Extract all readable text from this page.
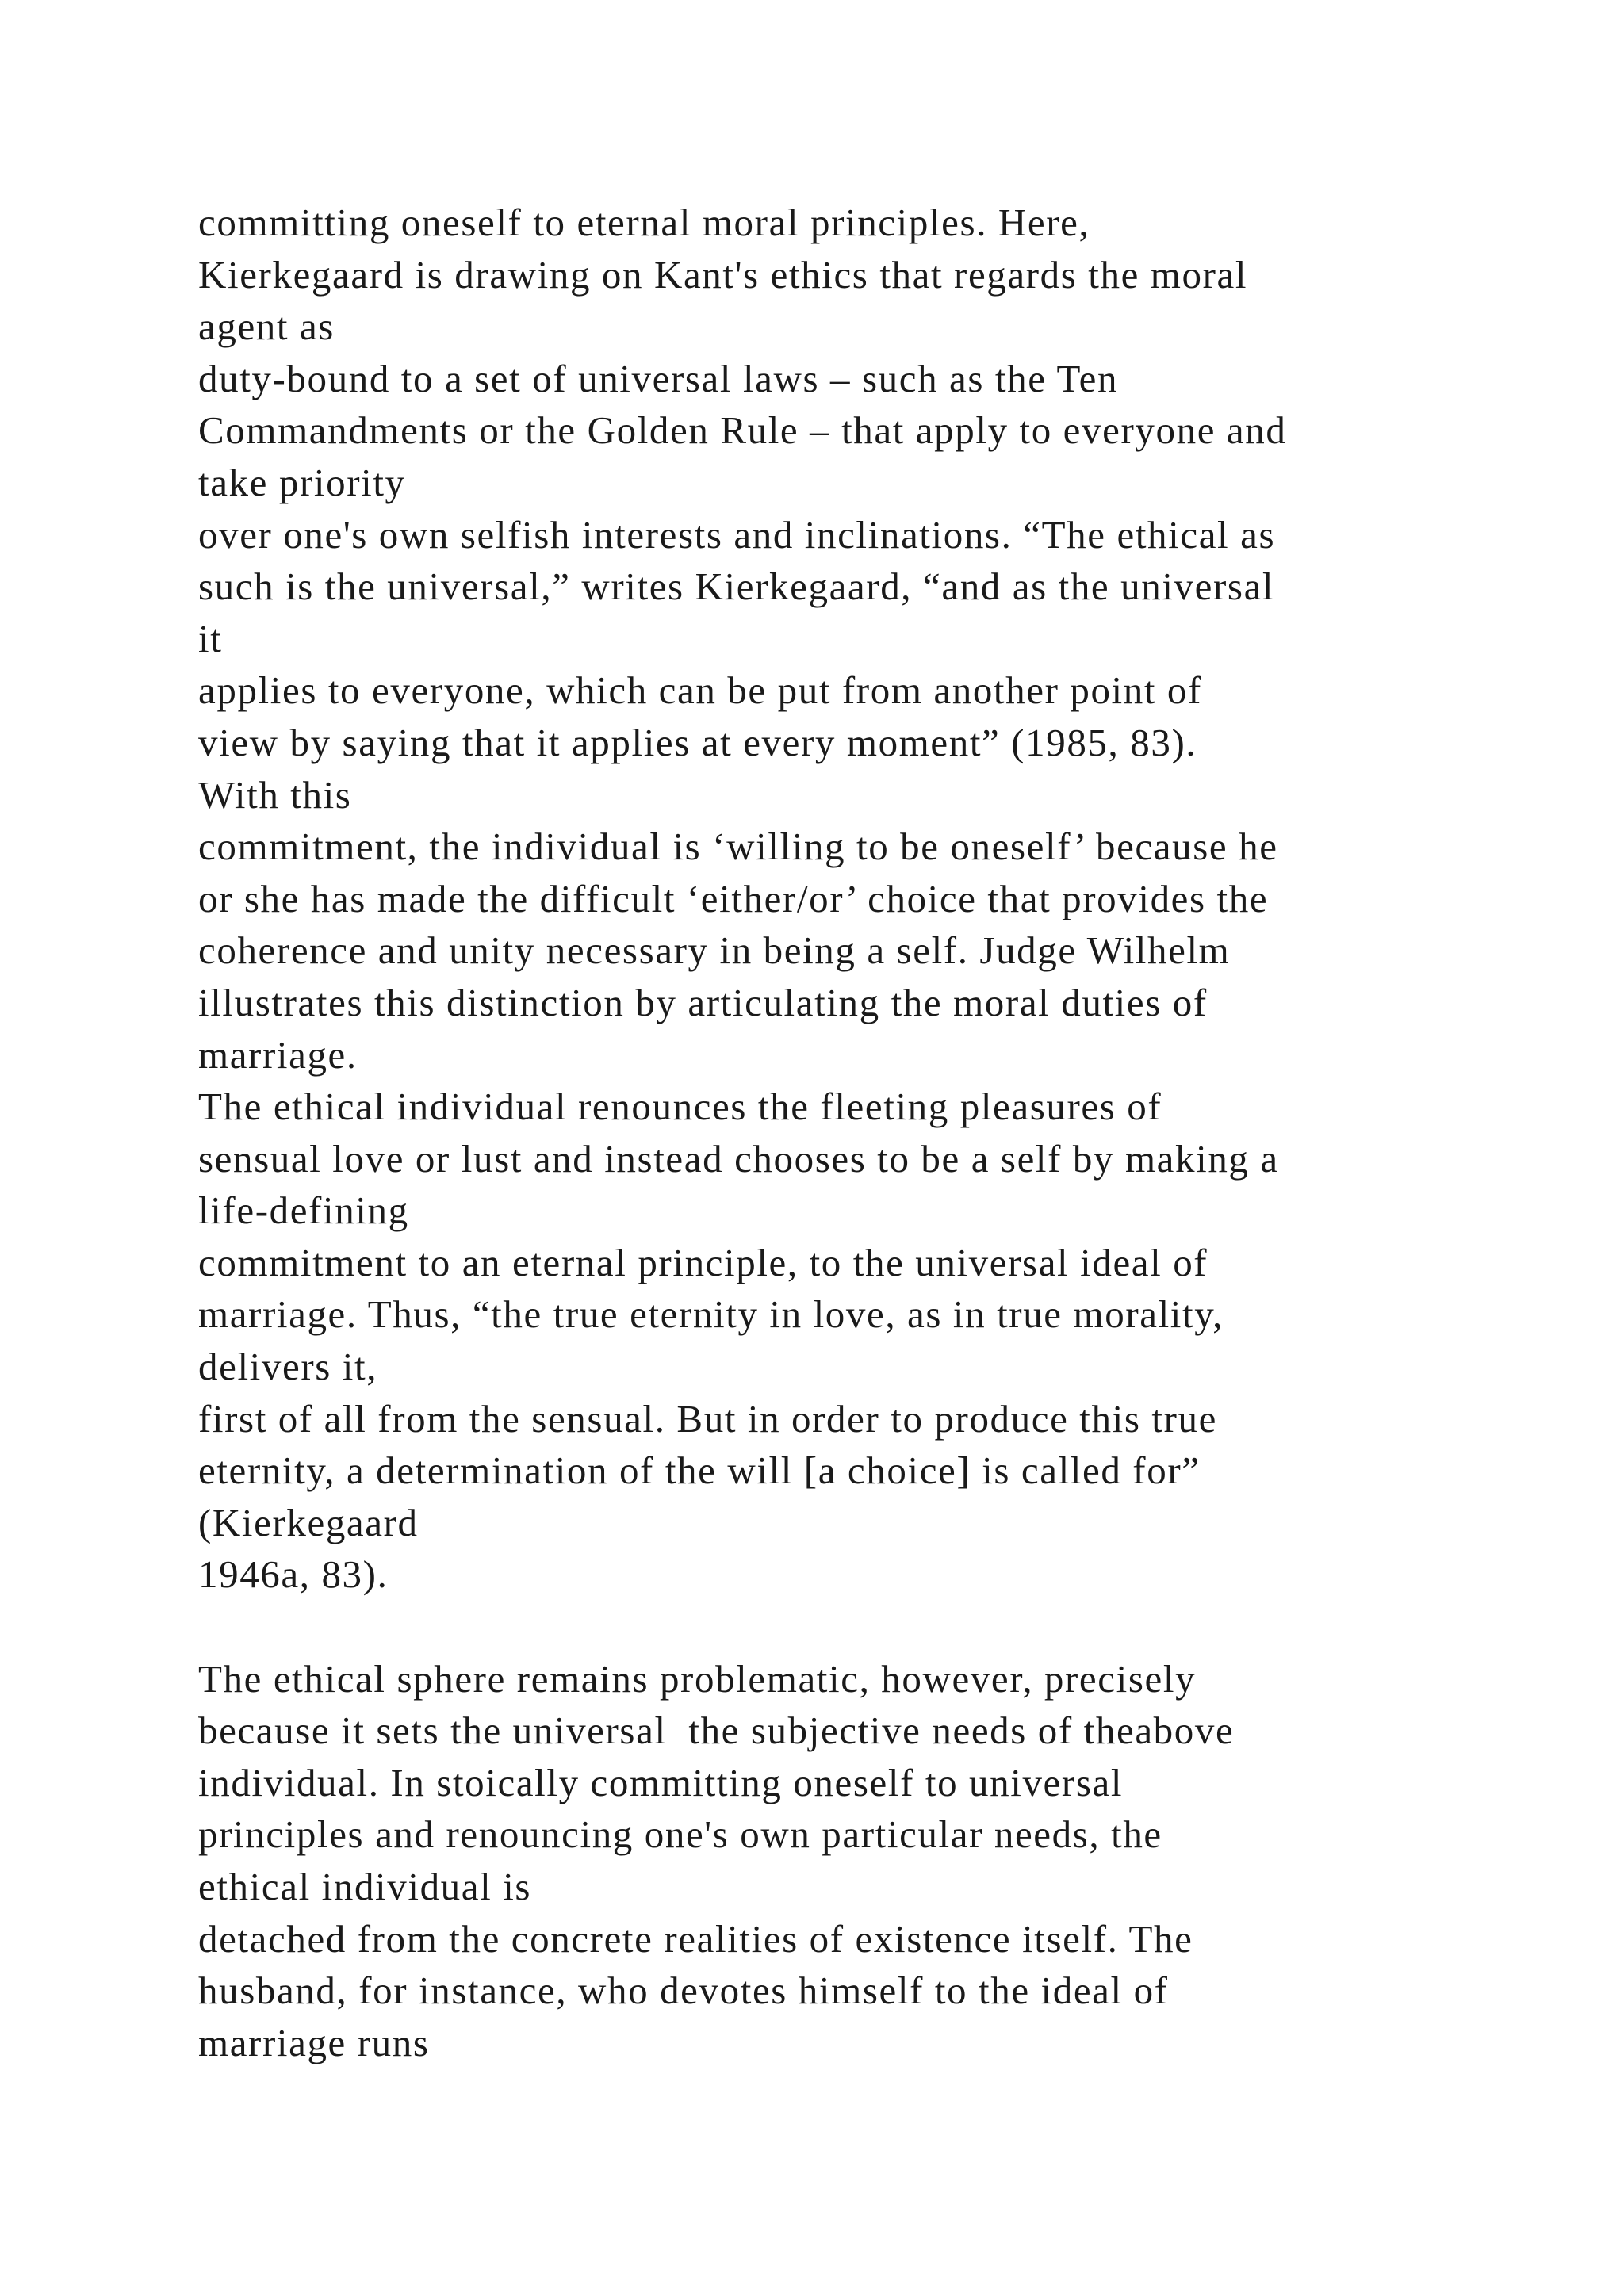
committing oneself to eternal moral principles. Here,
Kierkegaard is drawing on Kant's ethics that regards the moral
agent as
duty-bound to a set of universal laws – such as the Ten
Commandments or the Golden Rule – that apply to everyone and
take priority
over one's own selfish interests and inclinations. “The ethical as
such is the universal,” writes Kierkegaard, “and as the universal
it
applies to everyone, which can be put from another point of
view by saying that it applies at every moment” (1985, 83).
With this
commitment, the individual is ‘willing to be oneself’ because he
or she has made the difficult ‘either/or’ choice that provides the
coherence and unity necessary in being a self. Judge Wilhelm
illustrates this distinction by articulating the moral duties of
marriage.
The ethical individual renounces the fleeting pleasures of
sensual love or lust and instead chooses to be a self by making a
life-defining
commitment to an eternal principle, to the universal ideal of
marriage. Thus, “the true eternity in love, as in true morality,
delivers it,
first of all from the sensual. But in order to produce this true
eternity, a determination of the will [a choice] is called for”
(Kierkegaard
1946a, 83).
The ethical sphere remains problematic, however, precisely
because it sets the universal  the subjective needs of theabove
individual. In stoically committing oneself to universal
principles and renouncing one's own particular needs, the
ethical individual is
detached from the concrete realities of existence itself. The
husband, for instance, who devotes himself to the ideal of
marriage runs
